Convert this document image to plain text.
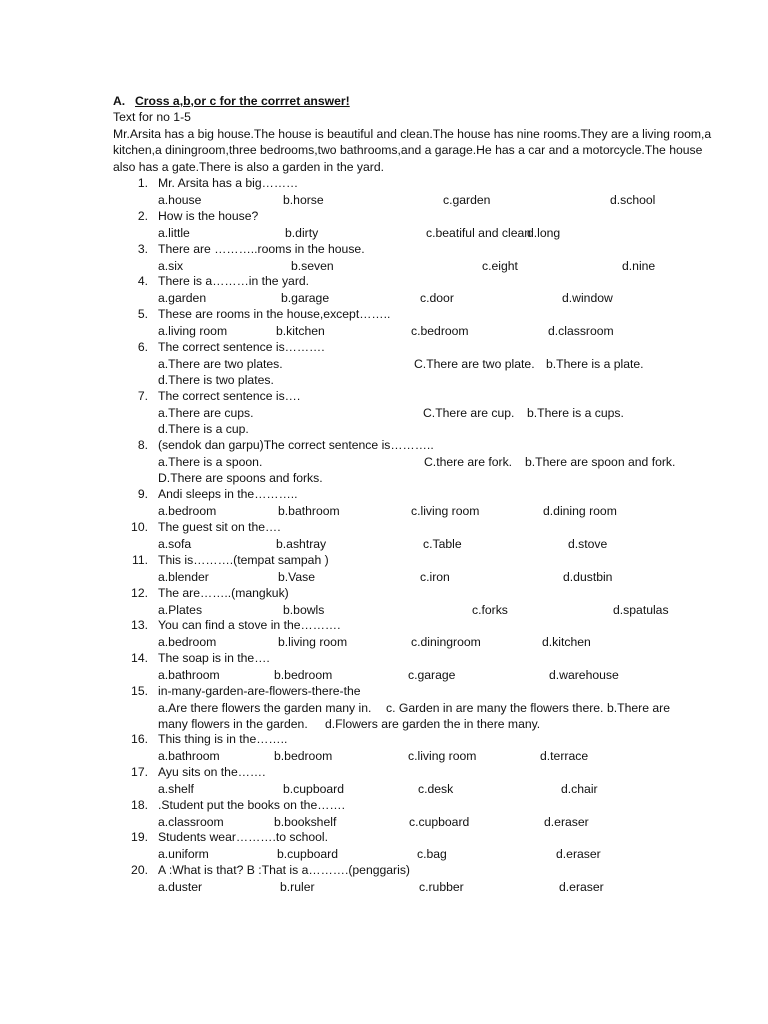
A. Cross a,b,or c for the corrret answer!
Text for no 1-5
Mr.Arsita has a big house.The house is beautiful and clean.The house has nine rooms.They are a living room,a
kitchen,a diningroom,three bedrooms,two bathrooms,and a garage.He has a car and a motorcycle.The house
also has a gate.There is also a garden in the yard.
1. Mr. Arsita has a big………
a.house	b.horse	c.garden	d.school
2. How is the house?
a.little	b.dirty	c.beatiful and clean
d.long
3. There are ………..rooms in the house.
a.six	b.seven	c.eight	d.nine
4. There is a………in the yard.
a.garden	b.garage	c.door	d.window
5. These are rooms in the house,except……..
a.living room	b.kitchen	c.bedroom	d.classroom
6. The correct sentence is……….
a.There are two plates.	C.There are two plate. b.There is a plate.
d.There is two plates.
7. The correct sentence is….
a.There are cups.	C.There are cup. b.There is a cups.
d.There is a cup.
8. (sendok dan garpu)The correct sentence is………..
a.There is a spoon.	C.there are fork. b.There are spoon and fork.
D.There are spoons and forks.
9. Andi sleeps in the………..
a.bedroom	b.bathroom	c.living room	d.dining room
10. The guest sit on the….
a.sofa	b.ashtray	c.Table	d.stove
11. This is……….(tempat sampah )
a.blender	b.Vase	c.iron	d.dustbin
12. The are……..(mangkuk)
a.Plates	b.bowls	c.forks	d.spatulas
13. You can find a stove in the……….
a.bedroom	b.living room	c.diningroom	d.kitchen
14. The soap is in the….
a.bathroom	b.bedroom	c.garage	d.warehouse
15. in-many-garden-are-flowers-there-the
a.Are there flowers the garden many in. c. Garden in are many the flowers there. b.There are
many flowers in the garden. d.Flowers are garden the in there many.
16. This thing is in the……..
a.bathroom	b.bedroom	c.living room	d.terrace
17. Ayu sits on the…….
a.shelf	b.cupboard	c.desk	d.chair
18. .Student put the books on the…….
a.classroom	b.bookshelf	c.cupboard	d.eraser
19. Students wear……….to school.
a.uniform	b.cupboard	c.bag	d.eraser
20. A :What is that? B :That is a……….(penggaris)
a.duster	b.ruler	c.rubber	d.eraser
